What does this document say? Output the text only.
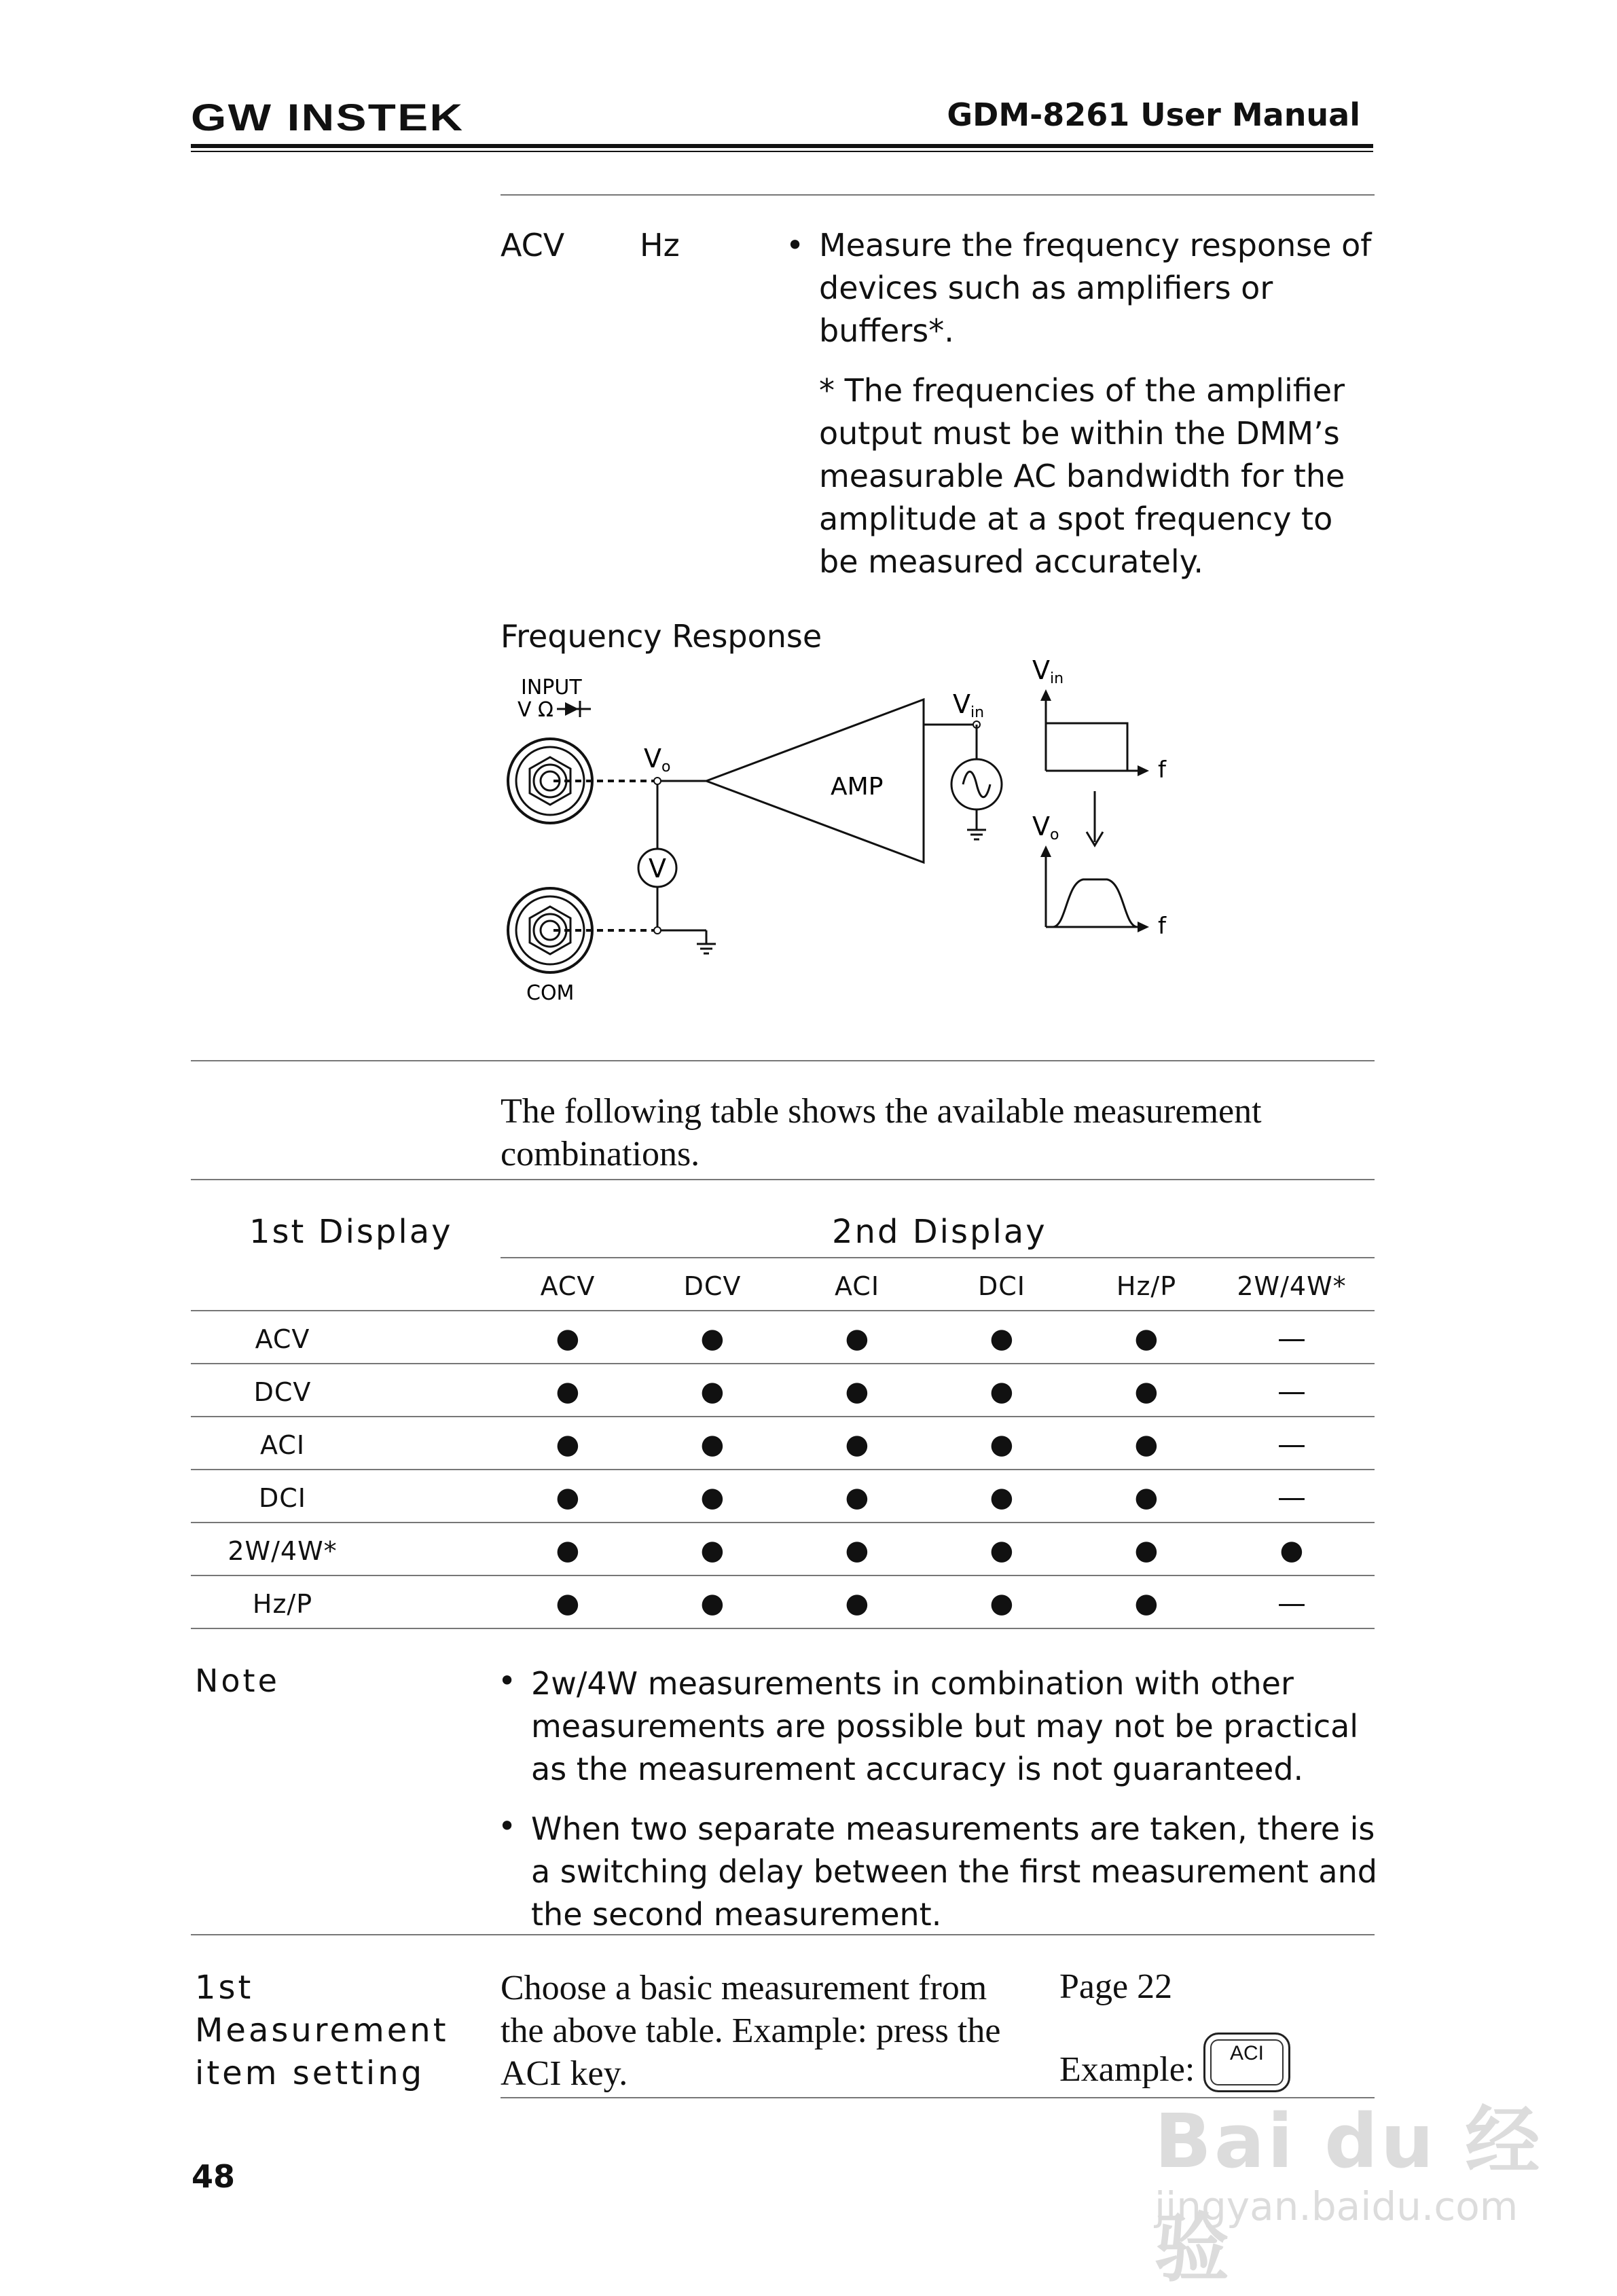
GW INSTEK	GDM-8261 User Manual
ACV Hz	• Measure the frequency response of devices such as amplifiers or buffers*.
* The frequencies of the amplifier output must be within the DMM’s measurable AC bandwidth for the amplitude at a spot frequency to be measured accurately.
Frequency Response
INPUT
V Ω
COM
V
Vo
AMP
Vin
Vin
f
Vo
f
The following table shows the available measurement combinations.
1st Display	2nd Display
ACV	DCV	ACI	DCI	Hz/P	2W/4W*
ACV	●	●	●	●	●	—
DCV	●	●	●	●	●	—
ACI	●	●	●	●	●	—
DCI	●	●	●	●	●	—
2W/4W*	●	●	●	●	●	●
Hz/P	●	●	●	●	●	—
Note	• 2w/4W measurements in combination with other measurements are possible but may not be practical as the measurement accuracy is not guaranteed.
• When two separate measurements are taken, there is a switching delay between the first measurement and the second measurement.
1st Measurement item setting
Choose a basic measurement from the above table. Example: press the ACI key.
Page 22
Example:	ACI
48	Bai du 经验
jingyan.baidu.com
